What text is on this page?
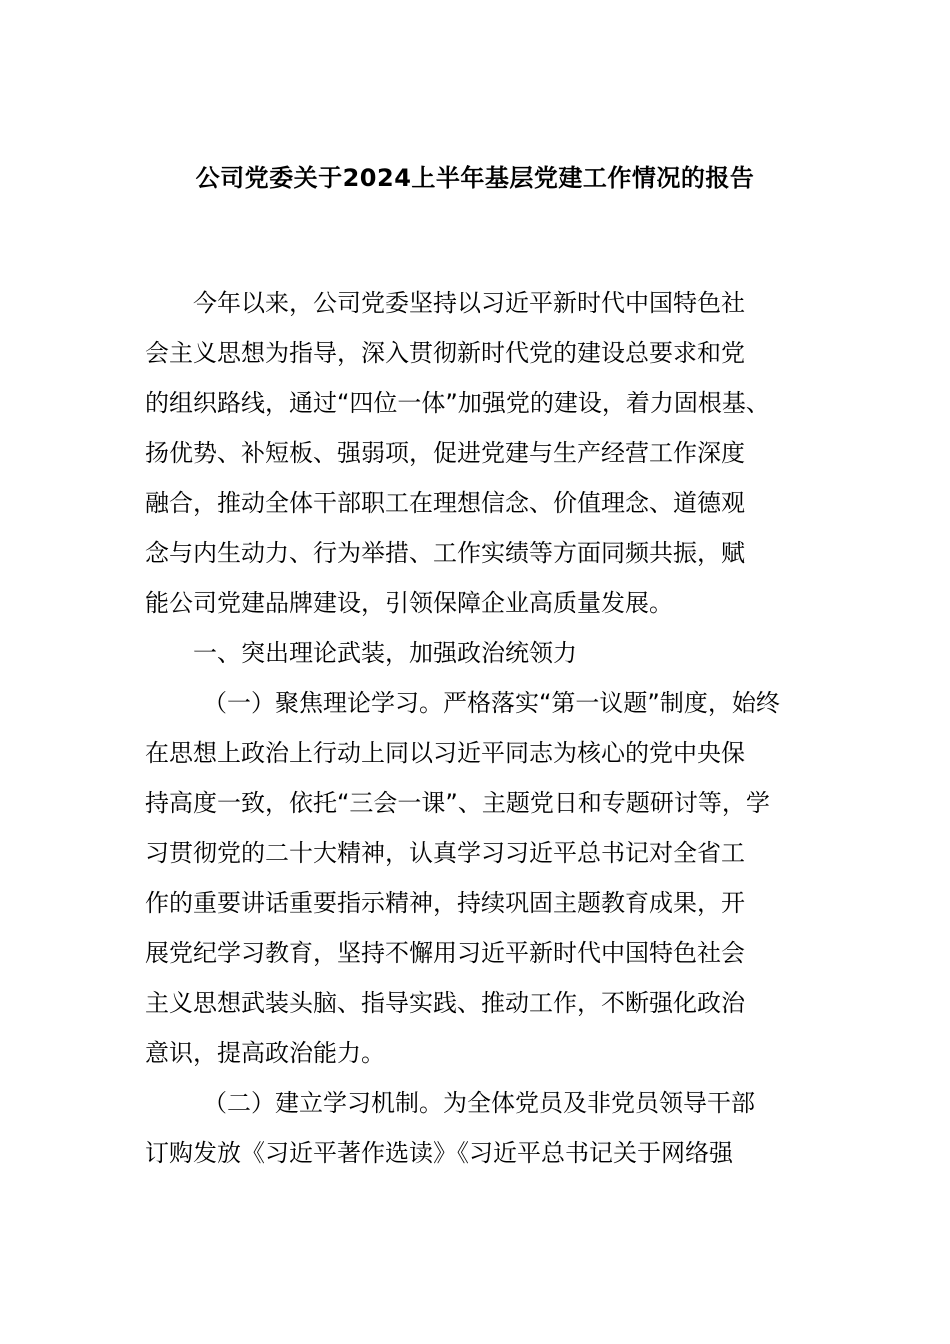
公司党委关于2024上半年基层党建工作情况的报告
今年以来，公司党委坚持以习近平新时代中国特色社
会主义思想为指导，深入贯彻新时代党的建设总要求和党
的组织路线，通过“四位一体”加强党的建设，着力固根基、
扬优势、补短板、强弱项，促进党建与生产经营工作深度
融合，推动全体干部职工在理想信念、价值理念、道德观
念与内生动力、行为举措、工作实绩等方面同频共振，赋
能公司党建品牌建设，引领保障企业高质量发展。
一、突出理论武装，加强政治统领力
（一）聚焦理论学习。严格落实“第一议题”制度，始终
在思想上政治上行动上同以习近平同志为核心的党中央保
持高度一致，依托“三会一课”、主题党日和专题研讨等，学
习贯彻党的二十大精神，认真学习习近平总书记对全省工
作的重要讲话重要指示精神，持续巩固主题教育成果，开
展党纪学习教育，坚持不懈用习近平新时代中国特色社会
主义思想武装头脑、指导实践、推动工作，不断强化政治
意识，提高政治能力。
（二）建立学习机制。为全体党员及非党员领导干部
订购发放《习近平著作选读》《习近平总书记关于网络强
